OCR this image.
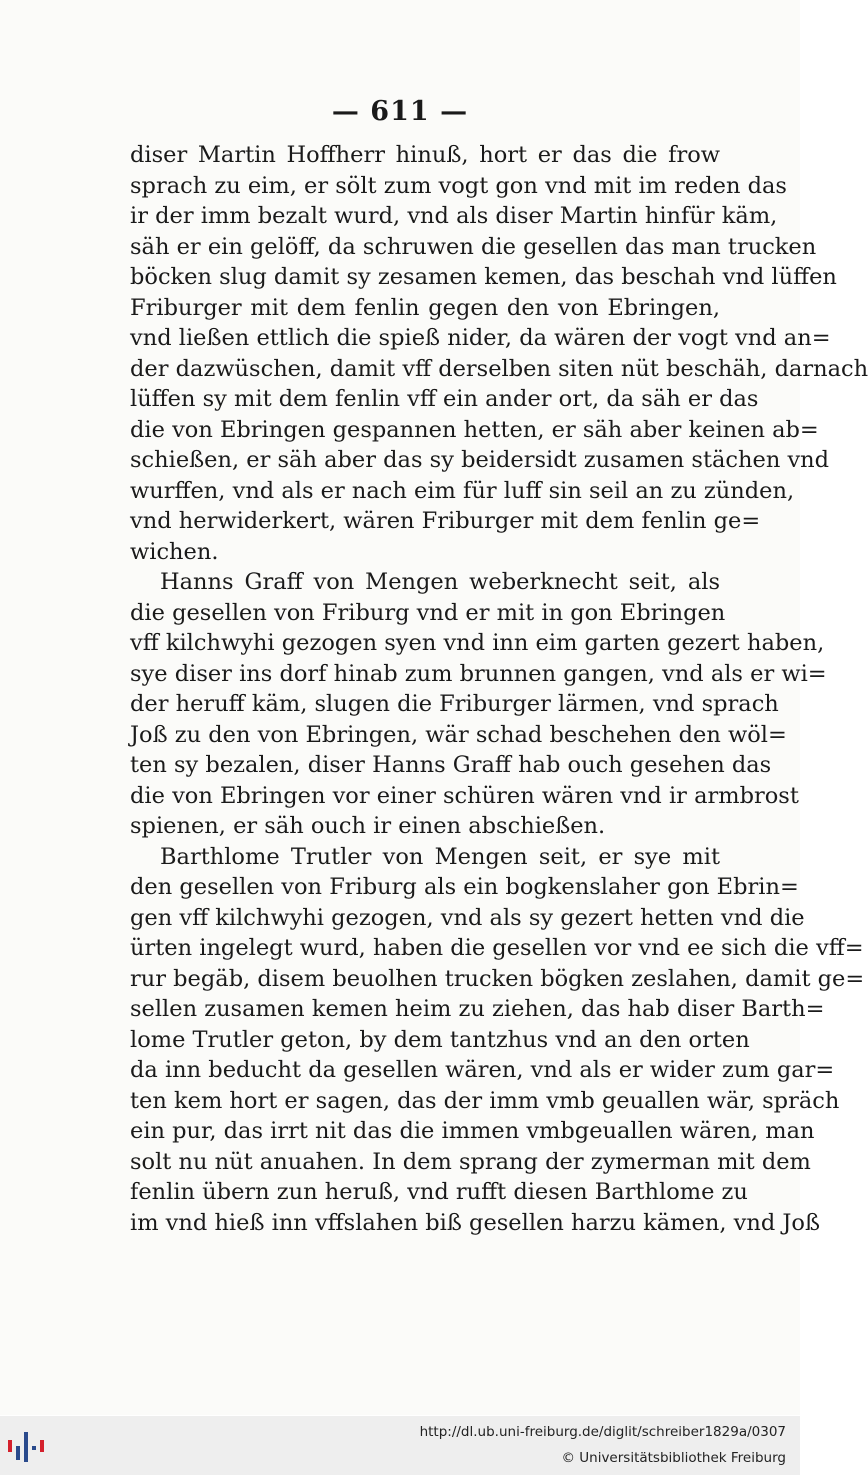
— 611 —
diser Martin Hoffherr hinuß, hort er das die frow
sprach zu eim, er sölt zum vogt gon vnd mit im reden das
ir der imm bezalt wurd, vnd als diser Martin hinfür käm,
säh er ein gelöff, da schruwen die gesellen das man trucken
böcken slug damit sy zesamen kemen, das beschah vnd lüffen
Friburger mit dem fenlin gegen den von Ebringen,
vnd ließen ettlich die spieß nider, da wären der vogt vnd an=
der dazwüschen, damit vff derselben siten nüt beschäh, darnach
lüffen sy mit dem fenlin vff ein ander ort, da säh er das
die von Ebringen gespannen hetten, er säh aber keinen ab=
schießen, er säh aber das sy beidersidt zusamen stächen vnd
wurffen, vnd als er nach eim für luff sin seil an zu zünden,
vnd herwiderkert, wären Friburger mit dem fenlin ge=
wichen.
Hanns Graff von Mengen weberknecht seit, als
die gesellen von Friburg vnd er mit in gon Ebringen
vff kilchwyhi gezogen syen vnd inn eim garten gezert haben,
sye diser ins dorf hinab zum brunnen gangen, vnd als er wi=
der heruff käm, slugen die Friburger lärmen, vnd sprach
Joß zu den von Ebringen, wär schad beschehen den wöl=
ten sy bezalen, diser Hanns Graff hab ouch gesehen das
die von Ebringen vor einer schüren wären vnd ir armbrost
spienen, er säh ouch ir einen abschießen.
Barthlome Trutler von Mengen seit, er sye mit
den gesellen von Friburg als ein bogkenslaher gon Ebrin=
gen vff kilchwyhi gezogen, vnd als sy gezert hetten vnd die
ürten ingelegt wurd, haben die gesellen vor vnd ee sich die vff=
rur begäb, disem beuolhen trucken bögken zeslahen, damit ge=
sellen zusamen kemen heim zu ziehen, das hab diser Barth=
lome Trutler geton, by dem tantzhus vnd an den orten
da inn beducht da gesellen wären, vnd als er wider zum gar=
ten kem hort er sagen, das der imm vmb geuallen wär, spräch
ein pur, das irrt nit das die immen vmbgeuallen wären, man
solt nu nüt anuahen. In dem sprang der zymerman mit dem
fenlin übern zun heruß, vnd rufft diesen Barthlome zu
im vnd hieß inn vffslahen biß gesellen harzu kämen, vnd Joß
http://dl.ub.uni-freiburg.de/diglit/schreiber1829a/0307
© Universitätsbibliothek Freiburg
